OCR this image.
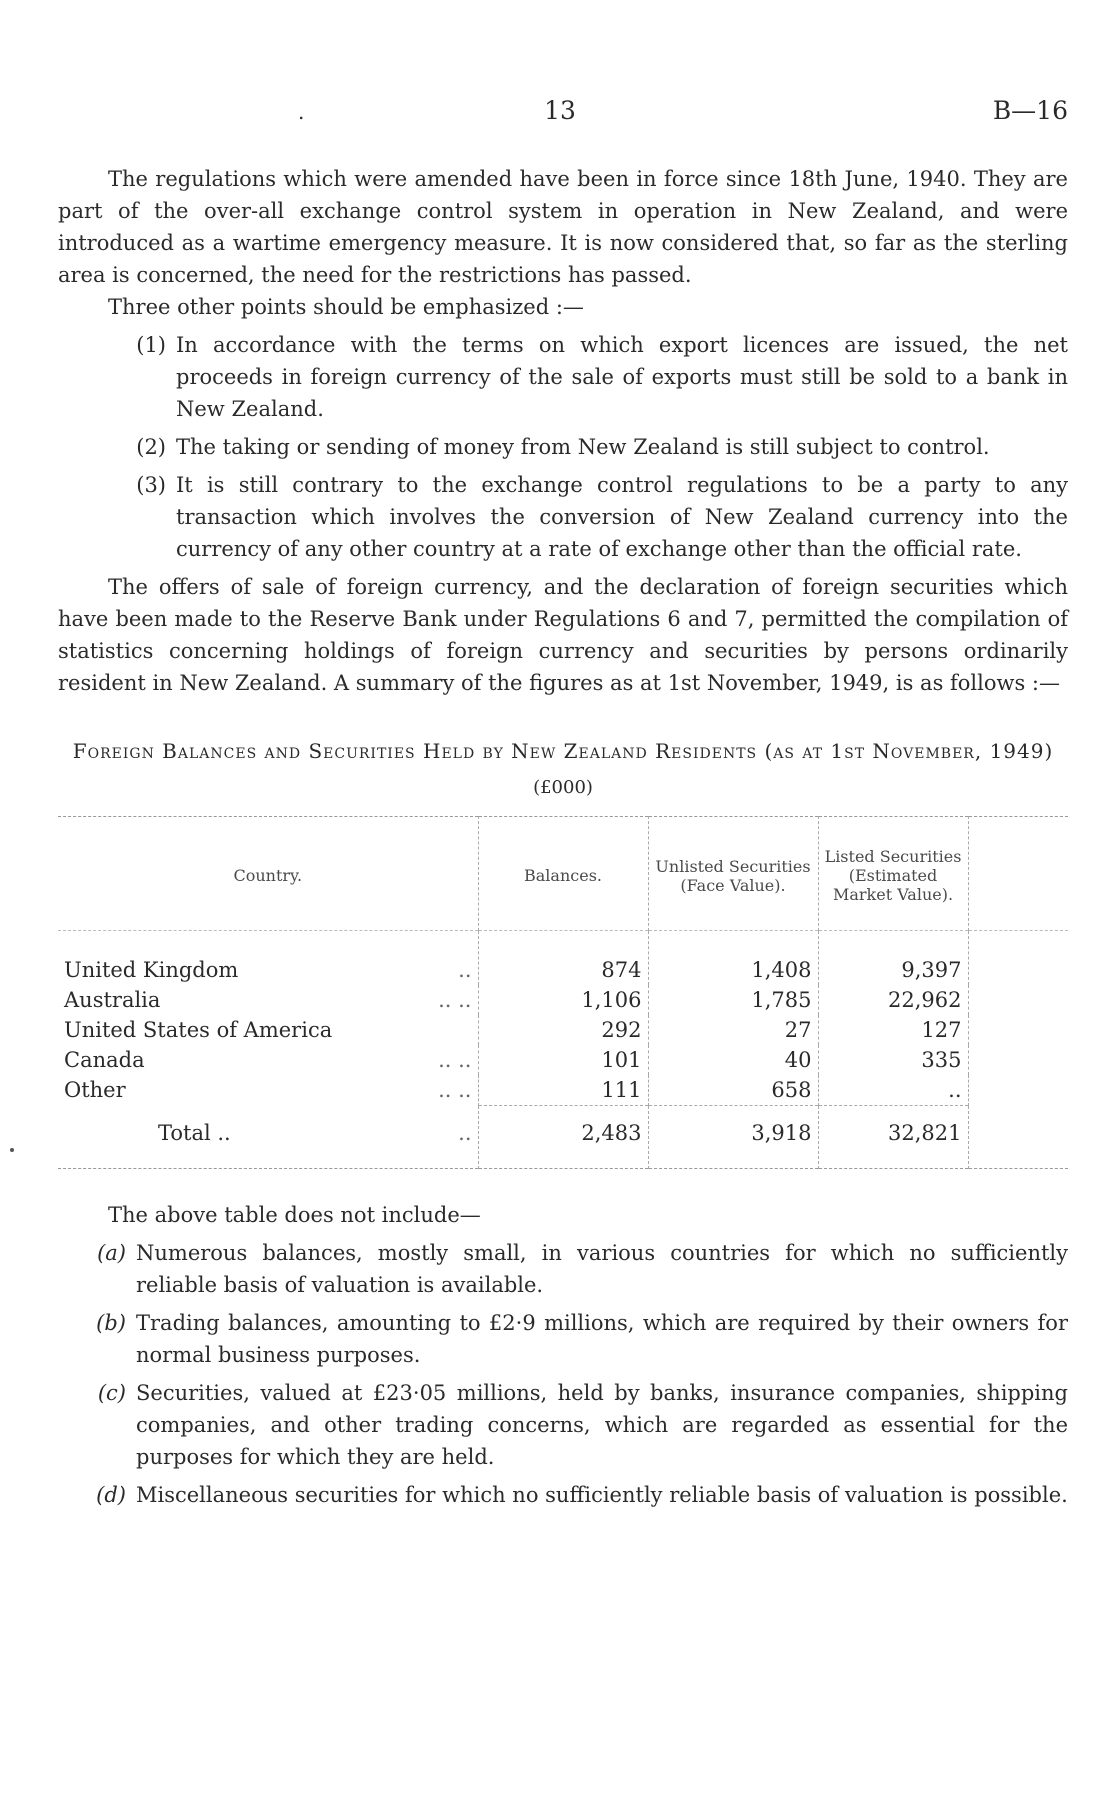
.	13	B—16

The regulations which were amended have been in force since 18th June, 1940. They are part of the over-all exchange control system in operation in New Zealand, and were introduced as a wartime emergency measure. It is now considered that, so far as the sterling area is concerned, the need for the restrictions has passed.

Three other points should be emphasized :—

(1) In accordance with the terms on which export licences are issued, the net proceeds in foreign currency of the sale of exports must still be sold to a bank in New Zealand.
(2) The taking or sending of money from New Zealand is still subject to control.
(3) It is still contrary to the exchange control regulations to be a party to any transaction which involves the conversion of New Zealand currency into the currency of any other country at a rate of exchange other than the official rate.

The offers of sale of foreign currency, and the declaration of foreign securities which have been made to the Reserve Bank under Regulations 6 and 7, permitted the compilation of statistics concerning holdings of foreign currency and securities by persons ordinarily resident in New Zealand. A summary of the figures as at 1st November, 1949, is as follows :—

Foreign Balances and Securities Held by New Zealand Residents (as at 1st November, 1949)
(£000)
Country.	Balances.	Unlisted Securities (Face Value).	Listed Securities (Estimated Market Value).	
United Kingdom ..	874	1,408	9,397	
Australia .. ..	1,106	1,785	22,962	
United States of America	292	27	127	
Canada .. ..	101	40	335	
Other .. ..	111	658	..	
Total .. ..	2,483	3,918	32,821	

The above table does not include—

(a) Numerous balances, mostly small, in various countries for which no sufficiently reliable basis of valuation is available.
(b) Trading balances, amounting to £2·9 millions, which are required by their owners for normal business purposes.
(c) Securities, valued at £23·05 millions, held by banks, insurance companies, shipping companies, and other trading concerns, which are regarded as essential for the purposes for which they are held.
(d) Miscellaneous securities for which no sufficiently reliable basis of valuation is possible.
